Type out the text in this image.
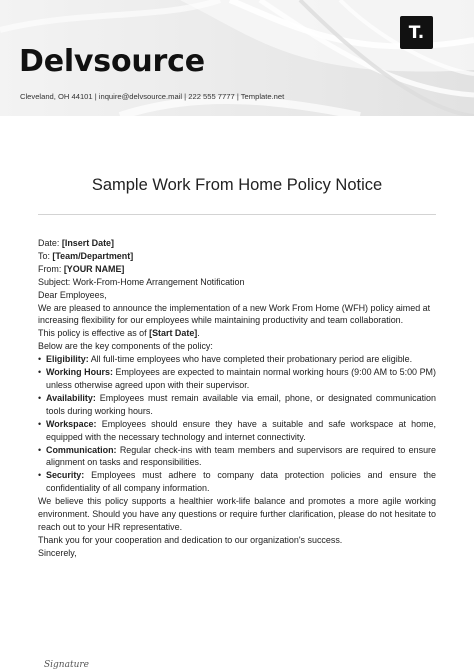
Delvsource
Cleveland, OH 44101 | inquire@delvsource.mail | 222 555 7777 | Template.net
T.
Sample Work From Home Policy Notice

Date: [Insert Date]

To: [Team/Department]

From: [YOUR NAME]

Subject: Work-From-Home Arrangement Notification

Dear Employees,

We are pleased to announce the implementation of a new Work From Home (WFH) policy aimed at increasing flexibility for our employees while maintaining productivity and team collaboration.

This policy is effective as of [Start Date].

Below are the key components of the policy:

• Eligibility: All full-time employees who have completed their probationary period are eligible.
• Working Hours: Employees are expected to maintain normal working hours (9:00 AM to 5:00 PM) unless otherwise agreed upon with their supervisor.
• Availability: Employees must remain available via email, phone, or designated communication tools during working hours.
• Workspace: Employees should ensure they have a suitable and safe workspace at home, equipped with the necessary technology and internet connectivity.
• Communication: Regular check-ins with team members and supervisors are required to ensure alignment on tasks and responsibilities.
• Security: Employees must adhere to company data protection policies and ensure the confidentiality of all company information.

We believe this policy supports a healthier work-life balance and promotes a more agile working environment. Should you have any questions or require further clarification, please do not hesitate to reach out to your HR representative.

Thank you for your cooperation and dedication to our organization's success.

Sincerely,

Signature
